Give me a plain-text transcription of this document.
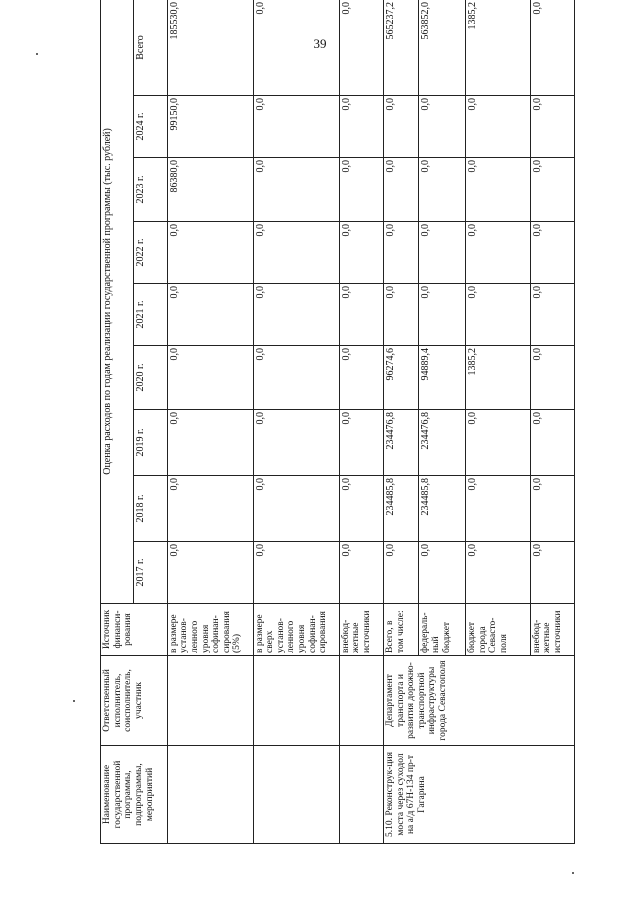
39
Наименование государственной программы, подпрограммы, мероприятий	Ответственный исполнитель, соисполнитель, участник	Источник финанси-рования	Оценка расходов по годам реализации государственной программы (тыс. рублей)								
			2017 г.	2018 г.	2019 г.	2020 г.	2021 г.	2022 г.	2023 г.	2024 г.	Всего
		в размере установ-ленного уровня софинан-сирования (5%)	0,0	0,0	0,0	0,0	0,0	0,0	86380,0	99150,0	185530,0
		в размере сверх установ-ленного уровня софинан-сирования	0,0	0,0	0,0	0,0	0,0	0,0	0,0	0,0	0,0
		внебюд-жетные источники	0,0	0,0	0,0	0,0	0,0	0,0	0,0	0,0	0,0
5.10. Реконструк-ция моста через суходол на а/д 67Н-134 пр-т Гагарина	Департамент транспорта и развития дорожно-транспортной инфраструктуры города Севастополя	Всего, в том числе:	0,0	234485,8	234476,8	96274,6	0,0	0,0	0,0	0,0	565237,2
		федераль-ный бюджет	0,0	234485,8	234476,8	94889,4	0,0	0,0	0,0	0,0	563852,0
		бюджет города Севасто-поля	0,0	0,0	0,0	1385,2	0,0	0,0	0,0	0,0	1385,2
		внебюд-жетные источники	0,0	0,0	0,0	0,0	0,0	0,0	0,0	0,0	0,0
